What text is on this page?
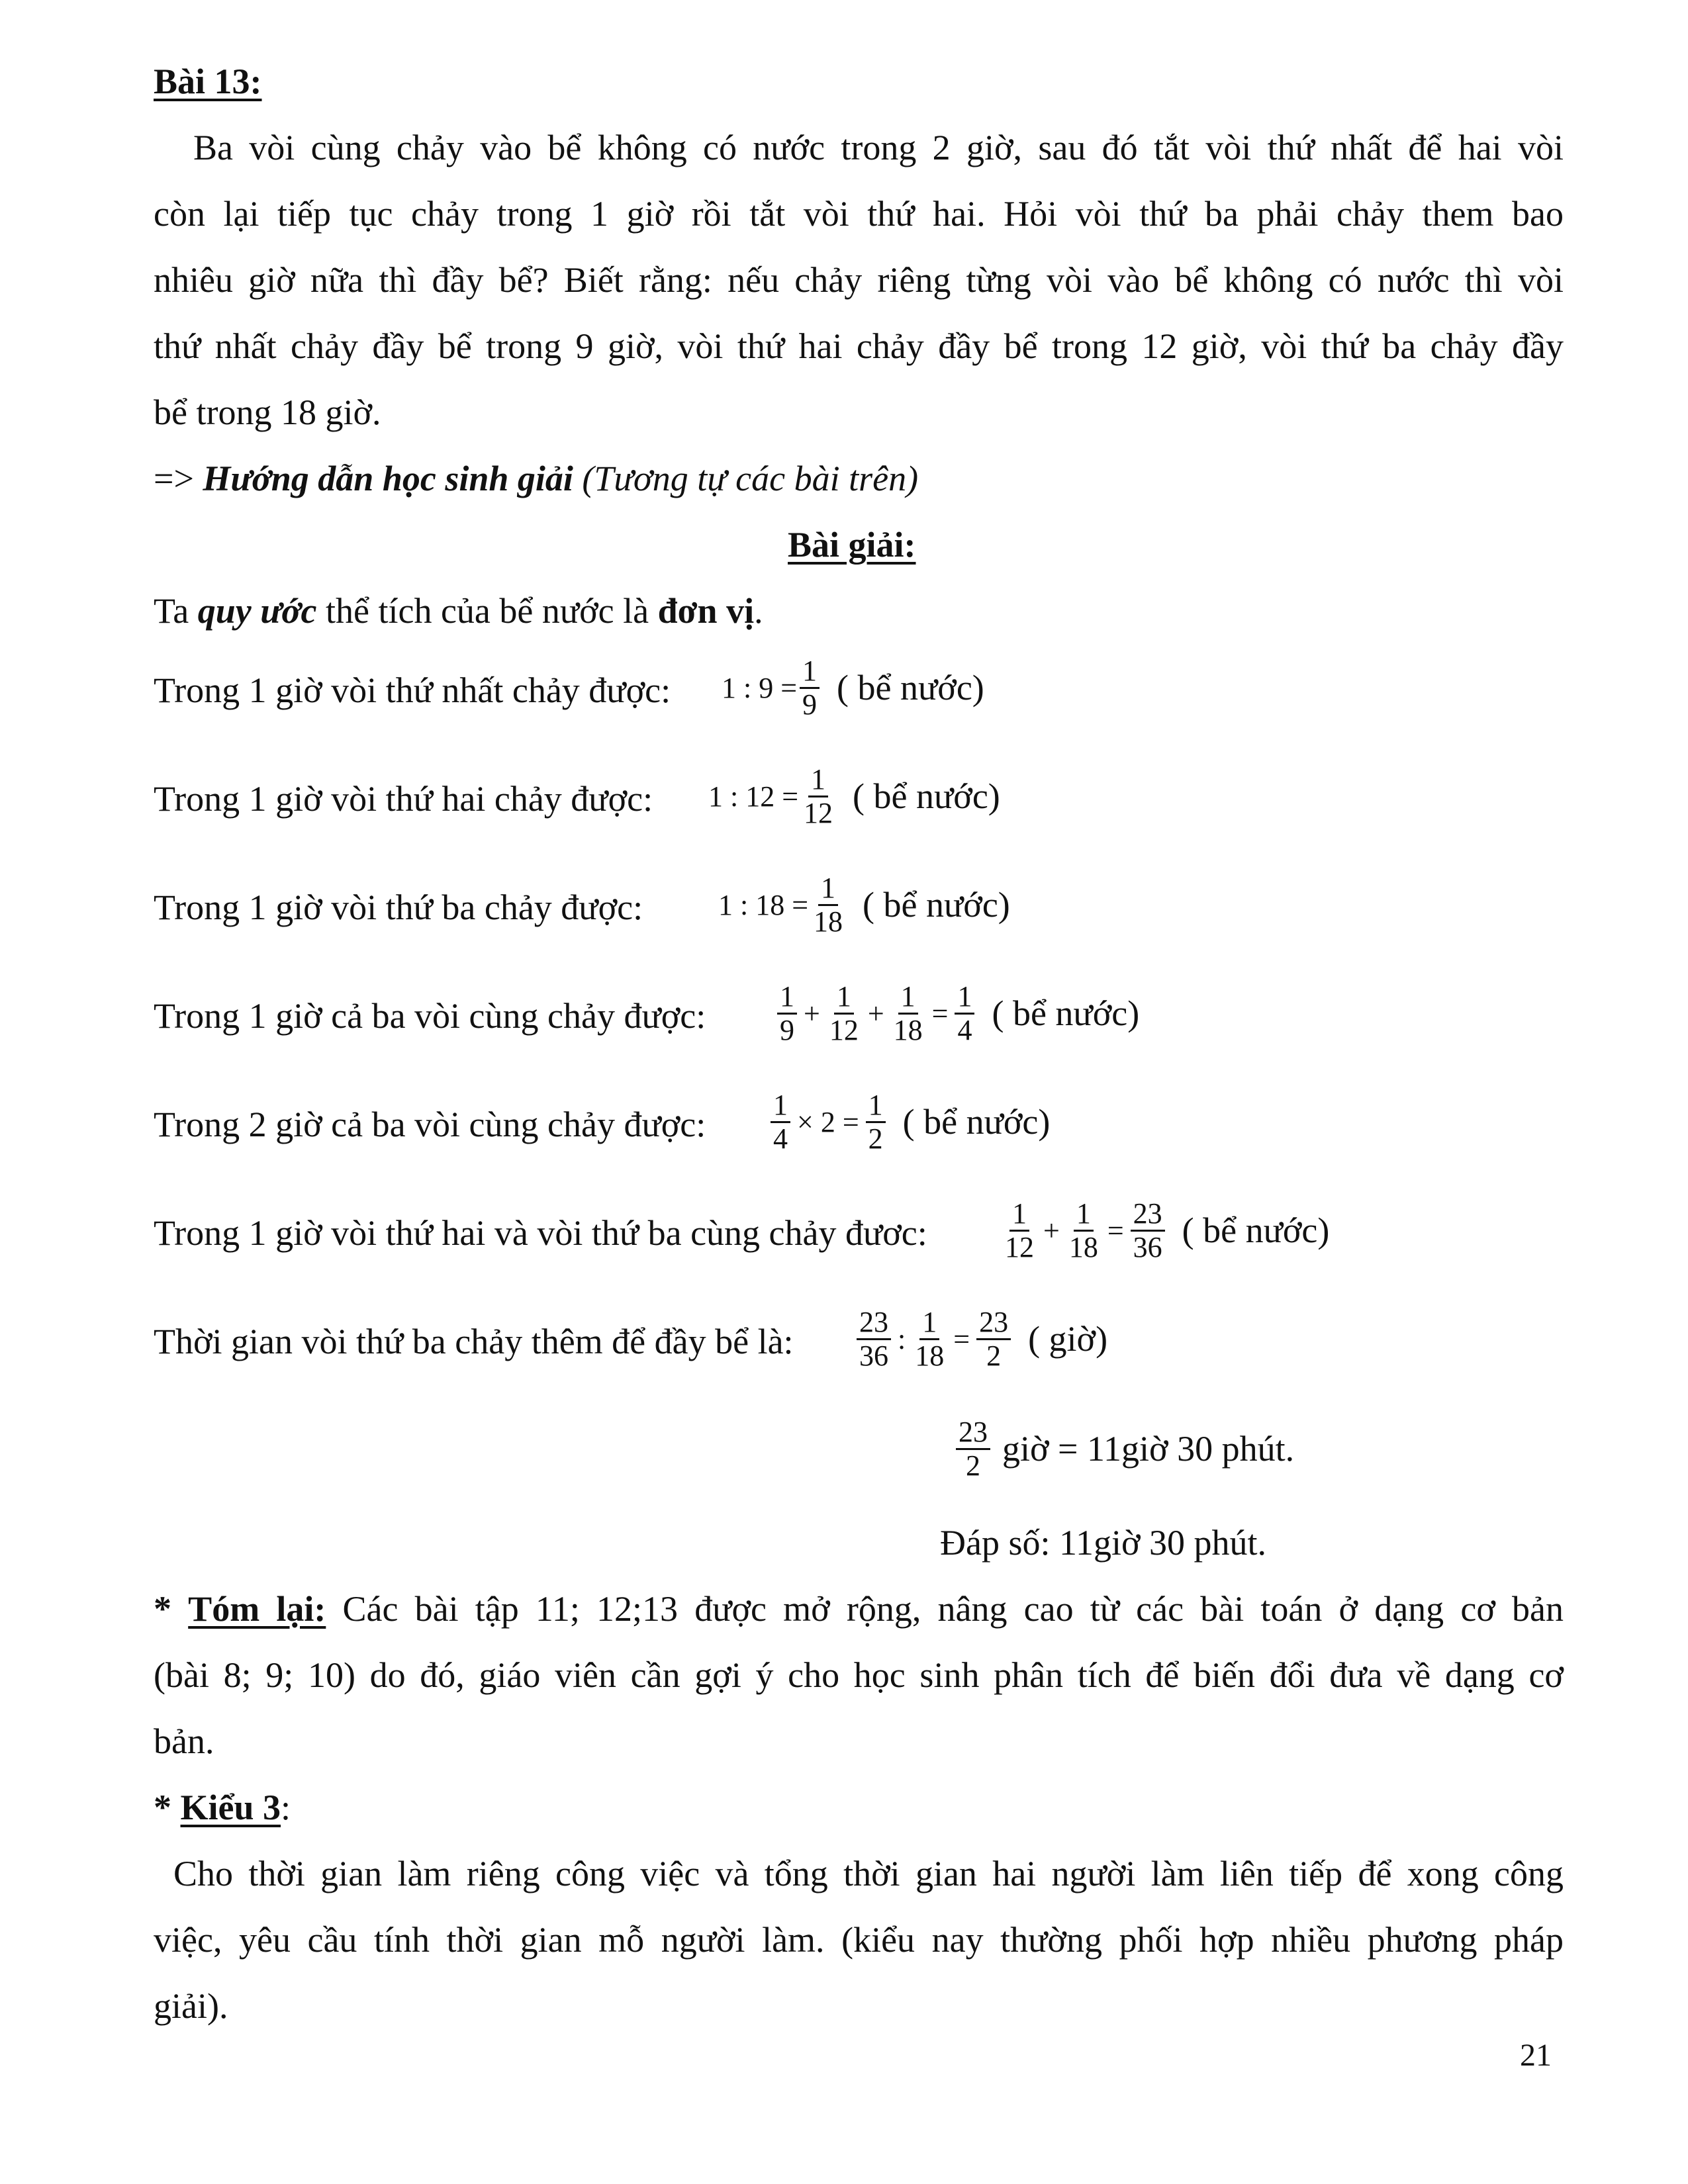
Bài 13:
Ba vòi cùng chảy vào bể không có nước trong 2 giờ, sau đó tắt vòi thứ nhất để hai vòi
còn lại tiếp tục chảy trong 1 giờ rồi tắt vòi thứ hai. Hỏi vòi thứ ba phải chảy them bao
nhiêu giờ nữa thì đầy bể? Biết rằng: nếu chảy riêng từng vòi vào bể không có nước thì vòi
thứ nhất chảy đầy bể trong 9 giờ, vòi thứ hai chảy đầy bể trong 12 giờ, vòi thứ ba chảy đầy
bể trong 18 giờ.
=> Hướng dẫn học sinh giải (Tương tự các bài trên)
Bài giải:
Ta quy ước thể tích của bể nước là đơn vị.
Trong 1 giờ vòi thứ nhất chảy được: 1 : $9 = \frac{1}{9}$ ( bể nước)
Trong 1 giờ vòi thứ hai chảy được: 1 : $12 = \frac{1}{12}$ ( bể nước)
Trong 1 giờ vòi thứ ba chảy được:	1 : $18 = \frac{1}{18}$ ( bể nước)
Trong 1 giờ cả ba vòi cùng chảy được: $\frac{1}{9} + \frac{1}{12} + \frac{1}{18} = \frac{1}{4}$ ( bể nước)
Trong 2 giờ cả ba vòi cùng chảy được: $\frac{1}{4} \times 2 = \frac{1}{2}$ ( bể nước)
Trong 1 giờ vòi thứ hai và vòi thứ ba cùng chảy đươc:	$\frac{1}{12} + \frac{1}{18} = \frac{23}{36}$ ( bể nước)
Thời gian vòi thứ ba chảy thêm để đầy bể là: $\frac{23}{36}$ : $\frac{1}{18} = \frac{23}{2}$ ( giờ)
$\frac{23}{2}$ giờ = 11giờ 30 phút.
Đáp số: 11giờ 30 phút.
* Tóm lại: Các bài tập 11; 12;13 được mở rộng, nâng cao từ các bài toán ở dạng cơ bản
(bài 8; 9; 10) do đó, giáo viên cần gợi ý cho học sinh phân tích để biến đổi đưa về dạng cơ
bản.
* Kiểu 3:
Cho thời gian làm riêng công việc và tổng thời gian hai người làm liên tiếp để xong công
việc, yêu cầu tính thời gian mỗ người làm. (kiểu nay thường phối hợp nhiều phương pháp
giải).
21
